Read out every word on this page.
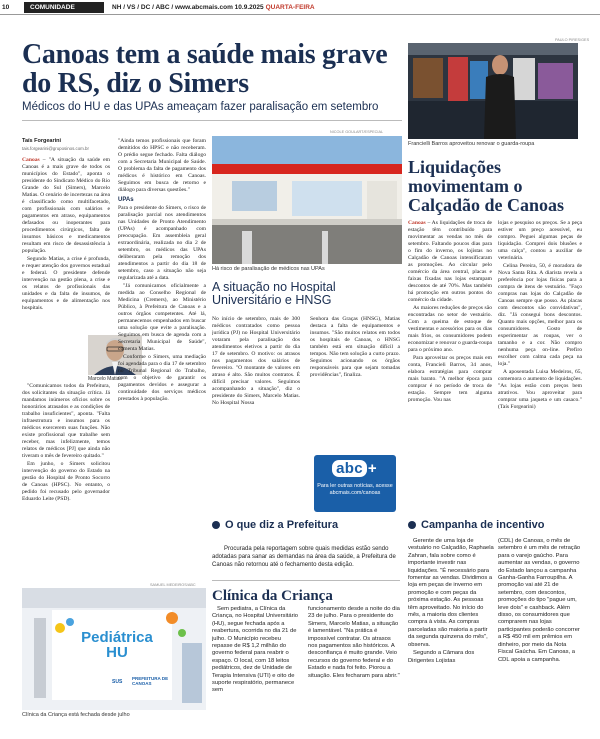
10	COMUNIDADE	NH / VS / DC / ABC / www.abcmais.com 10.9.2025 QUARTA-FEIRA
Canoas tem a saúde mais grave do RS, diz o Simers
Médicos do HU e das UPAs ameaçam fazer paralisação em setembro
Taís Forgearini
tais.forgearini@gruposinos.com.br

Canoas – "A situação da saúde em Canoas é a mais grave de todos os municípios do Estado", aponta o presidente do Sindicato Médico do Rio Grande do Sul (Simers), Marcelo Matias. O cenário de incertezas na área é classificado como multifacetado, com profissionais com salários e pagamentos em atraso, equipamentos defasados ou inoperantes para procedimentos cirúrgicos, falta de insumos básicos e medicamentos resultam em risco de desassistência à população.

Segundo Matias, a crise é profunda, e requer atenção dos governos estadual e federal. O presidente defende intervenção na gestão plena, a crise e os relatos de profissionais das unidades e da falta de insumos, de equipamentos e de alimentação nos hospitais.

Marcelo Matias

"Comunicamos todos da Prefeitura, dos solicitantes da situação crítica. Já mandamos inúmeros ofícios sobre os honorários atrasados e as condições de trabalho insuficientes", aponta. "Falta infraestrutura e insumos para os médicos exercerem suas funções. Não existe profissional que trabalhe sem receber, mas infelizmente, temos relatos de médicos [PJ] que ainda não tiveram o mês de fevereiro quitado."

Em junho, o Simers solicitou intervenção do governo do Estado na gestão do Hospital de Pronto Socorro de Canoas (HPSC). No entanto, o pedido foi recusado pelo governador Eduardo Leite (PSD).

"Ainda temos profissionais que foram demitidos do HPSC e não receberam. O prédio segue fechado. Falta diálogo com a Secretaria Municipal de Saúde. O problema da falta de pagamento dos médicos é histórico em Canoas. Seguimos em busca de retorno e diálogo para diversas questões."

UPAs

Para o presidente do Simers, o risco de paralisação parcial nos atendimentos nas Unidades de Pronto Atendimento (UPAs) é acompanhado com preocupação. Em assembleia geral extraordinária, realizada no dia 2 de setembro, os médicos das UPAs deliberaram pela remoção dos atendimentos a partir do dia 18 de setembro, caso a situação não seja regularizada até a data.

"Já comunicamos oficialmente a medida ao Conselho Regional de Medicina (Cremers), ao Ministério Público, à Prefeitura de Canoas e a outros órgãos competentes. Até lá, permanecemos empenhados em buscar uma solução que evite a paralisação. Seguimos em busca de agenda com a Secretaria Municipal de Saúde", comenta Matias.

Conforme o Simers, uma mediação foi agendada para o dia 17 de setembro no Tribunal Regional do Trabalho, com o objetivo de garantir os pagamentos devidos e assegurar a continuidade dos serviços médicos prestados à população.

NICOLE GOULART/ESPECIAL
Há risco de paralisação de médicos nas UPAs
A situação no Hospital Universitário e HNSG

No início de setembro, mais de 300 médicos contratados como pessoa jurídica (PJ) no Hospital Universitário votaram pela paralisação dos atendimentos eletivos a partir do dia 17 de setembro. O motivo: os atrasos nos pagamentos dos salários de fevereiro. "O montante de valores em atraso é alto. São muitos contratos. É difícil precisar valores. Seguimos acompanhando a situação", diz o presidente do Simers, Marcelo Matias. No Hospital Nossa

Senhora das Graças (HNSG), Matias destaca a falta de equipamentos e insumos. "São muitos relatos em todos os hospitais de Canoas, o HNSG também está em situação difícil a tempos. Não tem solução a curto prazo. Seguimos acionando os órgãos responsáveis para que sejam tomadas providências", finaliza.

abc +
Para ler outras notícias, acesse abcmais.com/canoas
O que diz a Prefeitura

Procurada pela reportagem sobre quais medidas estão sendo adotadas para sanar as demandas na área da saúde, a Prefeitura de Canoas não retornou até o fechamento desta edição.

SAMUEL MEDEIROS/ABC
Pediátrica HU
SUS
PREFEITURA DE CANOAS
Clínica da Criança está fechada desde julho
Clínica da Criança

Sem pediatra, a Clínica da Criança, no Hospital Universitário (HU), segue fechada após a reabertura, ocorrida no dia 21 de julho. O Município recebeu repasse de R$ 1,2 milhão do governo federal para reabrir o espaço. O local, com 18 leitos pediátricos, dez de Unidade de Terapia Intensiva (UTI) e oito de suporte respiratório, permanece sem

funcionamento desde a noite do dia 23 de julho. Para o presidente do Simers, Marcelo Matias, a situação é lamentável. "Na prática é impossível contratar. Os atrasos nos pagamentos são históricos. A desconfiança é muito grande. Veio recursos do governo federal e do Estado e nada foi feito. Piorou a situação. Eles fecharam para abrir."

PAULO PIRES/GES
Francielli Barros aproveitou renovar o guarda-roupa
Liquidações movimentam o Calçadão de Canoas

Canoas – As liquidações de troca de estação têm contribuído para movimentar as vendas no mês de setembro. Faltando poucos dias para o fim do inverno, os lojistas no Calçadão de Canoas intensificaram as promoções. Ao circular pelo comércio da área central, placas e faixas fixadas nas lojas estampam descontos de até 70%. Mas também há promoção em outros pontos do comércio da cidade.

As maiores reduções de preços são encontradas no setor de vestuário. Com a queima de estoque de vestimentas e acessórios para os dias mais frios, os consumidores podem economizar e renovar o guarda-roupa para o próximo ano.

Para aproveitar os preços mais em conta, Francieli Barros, 34 anos, elabora estratégias para comprar mais barato. "A melhor época para comprar é no período de troca de estação. Sempre tem alguma promoção. Vou nas

lojas e pesquiso os preços. Se a peça estiver um preço acessível, eu compro. Peguei algumas peças de liquidação. Comprei dois blusões e uma calça", contou a auxiliar de veterinária.

Celina Pereira, 50, é moradora de Nova Santa Rita. A diarista revela a preferência por lojas físicas para a compra de itens de vestuário. "Faço compras nas lojas do Calçadão de Canoas sempre que posso. As placas com descontos são convidativas", diz. "Já consegui bons descontos. Quanto mais opções, melhor para os consumidores. Gosto de experimentar as roupas, ver o tamanho e a cor. Não compro nenhuma peça on-line. Prefiro escolher com calma cada peça na loja."

A aposentada Luisa Medeiros, 65, comemora o aumento de liquidações. "As lojas estão com preços bem atrativos. Vou aproveitar para comprar uma jaqueta e um casaco." (Taís Forgearini)

Campanha de incentivo

Gerente de uma loja de vestuário no Calçadão, Raphaela Zahran, fala sobre como é importante investir nas liquidações. "É necessário para fomentar as vendas. Dividimos a loja em peças de inverno em promoção e com peças da próxima estação. As pessoas têm aproveitado. No início do mês, a maioria dos clientes compra à vista. As compras parceladas são maioria a partir da segunda quinzena do mês", observa.

Segundo a Câmara dos Dirigentes Lojistas

(CDL) de Canoas, o mês de setembro é um mês de retração para o varejo gaúcho. Para aumentar as vendas, o governo do Estado lançou a campanha Ganha-Ganha Farroupilha. A promoção vai até 21 de setembro, com descontos, promoções do tipo "pague um, leve dois" e cashback. Além disso, os consumidores que comprarem nas lojas participantes poderão concorrer a R$ 450 mil em prêmios em dinheiro, por meio da Nota Fiscal Gaúcha. Em Canoas, a CDL apoia a campanha.
